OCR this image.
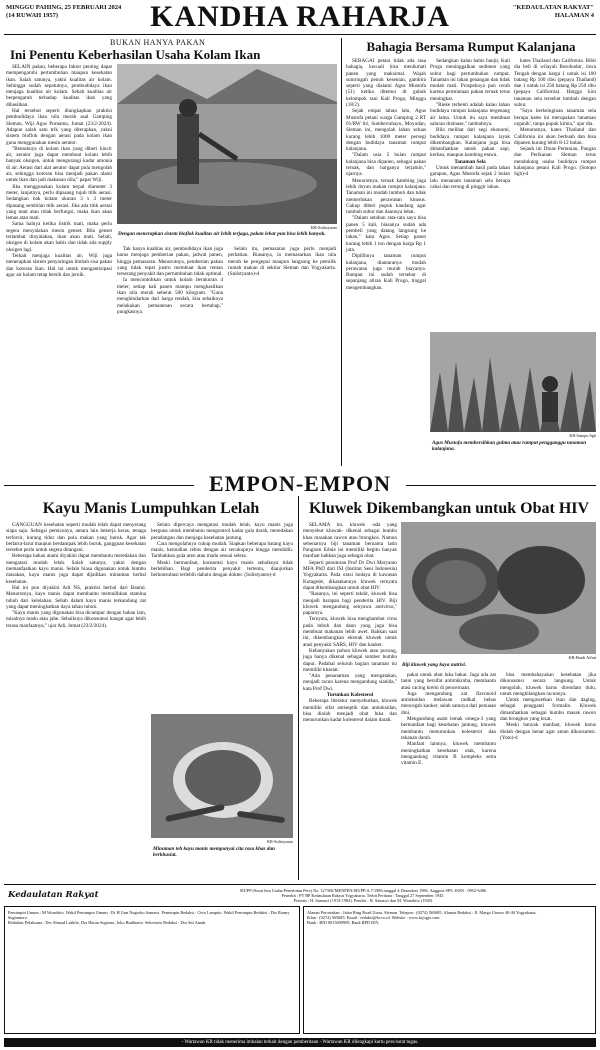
MINGGU PAHING, 25 FEBRUARI 2024
(14 RUWAH 1957)	KANDHA RAHARJA	"KEDAULATAN RAKYAT"
HALAMAN 4
BUKAN HANYA PAKAN
Ini Penentu Keberhasilan Usaha Kolam Ikan

SELAIN pakan, beberapa faktor penting dapat mempengaruhi pertumbuhan maupun kesehatan ikan. Salah satunya, yakni kualitas air kolam. Sehingga sudah sepatutnya, pembudidaya ikan menjaga kualitas air kolam. Sebab kualitas air berpengaruh terhadap kualitas ikan yang dihasilkan.

Hal tersebut seperti diungkapkan praktisi pembudidaya ikan nila merah asal Gamping Sleman, Wiji Agus Purnama, Jumat (23/2-2024). Adapun salah satu trik yang diterapkan, yakni sistem bioflok dengan aerasi pada kolam ikan guna menggunakan mesin aerator.

"Bentuknya di kolam ikan yang diberi kincir air, aerator juga dapat membuat kolam lebih banyak oksigen, untuk mengurangi kadar amonia di air. Aerasi dari alat aerator dapat pula mengolah air, sehingga kotoran bisa menjadi pakan alami untuk ikan dan jadi makanan nila," papar Wiji.

Jika menggunakan kolam terpal diameter 3 meter, lanjutnya, perlu dipasang tujuh titik aerasi. Sedangkan bak kolam ukuran 3 x 3 meter dipasang sembilan titik aerasi. Jika ada titik aerasi yang mati atau tidak berfungsi, maka ikan akan lemas atau mati.

Sama halnya ketika listrik mati, maka perlu segera menyalakan mesin genset. Bila genset terlambat dinyalakan, ikan akan mati. Sebab, oksigen di kolam akan habis dan tidak ada supply oksigen lagi.

Terkait menjaga kualitas air, Wiji juga menerapkan sistem penyaringan limbah sisa pakan dan kotoran ikan. Hal ini untuk mengantisipasi agar air kolam tetap bersih dan jernih.

KR-Sulistyanto
Dengan menerapkan sistem bioflok kualitas air lebih terjaga, pakan lebar pun bisa lebih banyak.

Tak hanya kualitas air, pembudidaya ikan juga harus menjaga pemberian pakan, jadwal panen, hingga pemasaran. Menurutnya, pemberian pakan yang tidak tepat justru membuat ikan rentan terserang penyakit dan pertumbuhan tidak optimal.

Ia mencontohkan untuk kolam berukuran 4 meter, setiap kali panen mampu menghasilkan ikan nila merah seberat 500 kilogram. "Guna menghindarkan dari harga rendah, kita sebaiknya melakukan pemanenan secara bertahap," pungkasnya.

Selain itu, pemasaran juga perlu menjadi perhatian. Biasanya, ia memasarkan ikan nila merah ke pengepul maupun langsung ke pemilik rumah makan di sekitar Sleman dan Yogyakarta. (Sulistyanto)-d

Bahagia Bersama Rumput Kalanjana

SEBAGAI petani tidak ada rasa bahagia, kecuali bisa menikmati panen yang maksimal. Wajah sumringah penuh kesenian, gambira seperti yang dialami Agus Mustofa (51) ketika ditemui di gubuk kelompok tani Kali Progo, Minggu (18/2).

Sejak empat tahun lalu, Agus Mustofa petani warga Gamping 2 RT 01/RW 04, Sumberrahayu, Moyudan, Sleman ini, mengolah lahan seluas kurang lebih 1000 meter persegi dengan budidaya tanaman rumput kalanjana.

"Dalam usia 2 bulan rumput kalanjana bisa dipanen, sebagai pakan ternak, dan harganya terjamin," ujarnya.

Menurutnya, ternak kambing juga lebih doyan makan rumput kalanjana. Tanaman ini mudah tumbuh dan tidak memerlukan perawatan khusus. Cukup diberi pupuk kandang agar tumbuh subur dan daunnya lebat.

"Dalam setahun rata-rata saya bisa panen 5 kali, biasanya sudah ada pembeli yang datang langsung ke lahan," kata Agus. Setiap panen kurang lebih 1 ton dengan harga Rp 1 juta.

Dipilihnya tanaman rumput kalanjana, diantaranya mudah perawatan juga murah biayanya. Rumput ini sudah tersebar di sepanjang aliran Kali Progo, tinggal mengembangkan.

Sedangkan kalau habis banjir, Kali Progo meninggalkan sedimen yang subur bagi pertumbuhan rumput. Tanaman ini tahan genangan dan tidak mudah mati. Prospeknya pun cerah karena permintaan pakan ternak terus meningkat.

"Rieke terhenti adalah kalau lahan budidaya rumput kalanjana tergenang air lama. Untuk itu saya membuat saluran drainase," tambahnya.

Bila melihat dari segi ekonomi, budidaya rumput kalanjana layak dikembangkan. Kalanjana juga bisa dimanfaatkan untuk pakan sapi, kerbau, maupun kambing etawa.

Tanaman Sela

Untuk menambah hasil pada lahan garapan, Agus Mustofa sejak 2 bulan lalu menanam tanaman sela berupa cabai dan terong di pinggir lahan.

kates Thailand dan California. Bibit dia beli di wilayah Borobudur, Jawa Tengah dengan harga 1 untuk isi 100 batang Rp 100 ribu (pepaya Thailand) dan 1 untuk isi 250 batang Rp 250 ribu (pepaya California). Hingga kini tanaman sela tersebut tumbuh dengan subur.

"Saya berkeinginan tanaman sela berupa kates ini merupakan 'tanaman organik', tanpa pupuk kimia," ujar dia.

Menurutnya, kates Thailand dan California ini akan berbuah dan bisa dipanen kurang lebih 8-12 bulan.

Sejauh ini Dinas Pertanian, Pangan dan Perikanan Sleman terus mendukung usaha budidaya rumput kalanjana petani Kali Progo. (Sutopo Sgh)-d

KR-Sutopo Sgh
Agus Mustofa membersihkan gulma atau rumput pengganggu tanaman kalanjana.
EMPON-EMPON
Kayu Manis Lumpuhkan Lelah

GANGGUAN kesehatan seperti mudah lelah dapat menyerang siapa saja. Sebagai pemicunya, antara lain bekerja keras, tenaga terforsir, kurang tidur dan pola makan yang buruk. Agar tak berlarut-larut maupun berdampak lebih buruk, gangguan kesehatan tersebut perlu untuk segera ditangani.

Beberapa bahan alami diyakini dapat membantu meredakan dan mengatasi mudah lelah. Salah satunya, yakni dengan memanfaatkan kayu manis. Selain biasa digunakan untuk bumbu masakan, kayu manis juga dapat dijadikan minuman herbal kesehatan.

Hal ini pun diyakini Adi NS, praktisi herbal dari Bantul. Menurutnya, kayu manis dapat membantu memulihkan stamina tubuh dari kelelahan. Sebab dalam kayu manis terkandung zat yang dapat meningkatkan daya tahan tubuh.

"Kayu manis yang digunakan bisa dicampur dengan bahan lain, misalnya madu atau jahe. Sebaiknya dikonsumsi hangat agar lebih terasa manfaatnya," ujar Adi, Jumat (23/2/2024).

Selain dipercaya mengatasi mudah lelah, kayu manis juga berguna untuk membantu mengontrol kadar gula darah, meredakan peradangan dan menjaga kesehatan jantung.

Cara mengolahnya cukup mudah. Siapkan beberapa batang kayu manis, kemudian rebus dengan air secukupnya hingga mendidih. Tambahkan gula aren atau madu sesuai selera.

Meski bermanfaat, konsumsi kayu manis sebaiknya tidak berlebihan. Bagi penderita penyakit tertentu, dianjurkan berkonsultasi terlebih dahulu dengan dokter. (Sulistyanto)-d

KR-Sulistyanto
Minuman teh kayu manis mempunyai cita rasa khas dan berkhasiat.
Kluwek Dikembangkan untuk Obat HIV

SELAMA ini, kluwek -ada yang menyebut kluwak- dikenal sebagai bumbu khas masakan rawon atau brongkos. Namun sebenarnya biji tanaman bernama latin Pangium Edule ini memiliki begitu banyak manfaat bahkan juga sebagai obat.

Seperti penuturan Prof Dr Dwi Maryanto MFA PhD dari ISI (Institut Seni Indonesia) Yogyakarta. Pada orasi budaya di kawasan Kotagede, dikatakannya kluwek ternyata dapat dikembangkan untuk obat HIV.

"Rasanya, ini seperti takdir, kluwek bisa menjadi harapan bagi penderita HIV. Biji kluwek mengandung senyawa antivirus," paparnya.

Ternyata, kluwek bisa menghambat virus pada tubuh dan daun yang juga bisa membuat makanan lebih awet. Bahkan saat ini, dikembangkan ekstrak kluwek untuk atasi penyakit SARS, HIV dan kanker.

Kebanyakan pohon kluwek atau pucung, juga hanya dikenal sebagai sumber bumbu dapur. Padahal seluruh bagian tanaman ini memiliki khasiat.

"Ada penanaman yang mengatakan, menjadi racun karena mengandung sianida," kata Prof Dwi.

Turunkan Kolesterol

Beberapa literatur menyebutkan, kluwek memiliki sifat antiseptik dan antioksidan, bisa diolah menjadi obat luka dan menurunkan kadar kolesterol dalam darah.

KR-Hardi Affati
Biji kluwek yang kaya nutrisi.

pakai untuk obat luka bakar. Juga ada zat tanin yang bersifat antimikroba, membantu atasi cacing kremi di pencernaan.

Juga mengandung zat flavonoid antioksidan melawan radikal bebas mencegah kanker, salah satunya dari penuaan dini.

Mengandung asam lemak omega-3 yang bermanfaat bagi kesehatan jantung, kluwek membantu menurunkan kolesterol dan tekanan darah.

Manfaat lainnya, kluwek membantu meningkatkan kesehatan otak, karena mengandung vitamin B kompleks serta vitamin E.

bisa membahayakan kesehatan jika dikonsumsi secara langsung. Untuk mengolah, kluwek harus direndam dulu, untuk menghilangkan racunnya.

Untuk mengawetkan ikan dan daging, sebagai pengganti formalin. Kluwek dimanfaatkan sebagai bumbu masak rawon dan brongkos yang lezat.

Meski banyak manfaat, kluwek harus diolah dengan benar agar aman dikonsumsi. (Yoto)-d

Kedaulatan Rakyat	SIUPP (Surat Izin Usaha Penerbitan Pers) No. 127/SK/MENPEN/SIUPP/A.7/1986 tanggal 4 Desember 1986. Anggota SPS. ISSN : 0852-6486
Penerbit : PT BP Kedaulatan Rakyat Yogyakarta. Terbit Perdana : Tanggal 27 September 1945.
Perintis : H. Samawi (1913-1984). Pendiri : H. Samawi dan M. Wonohito (1945)
Pemimpin Umum : M Wonohito. Wakil Pemimpin Umum : Dr H Gun Nugroho Samawi. Pemimpin Redaksi : Octo Lampito. Wakil Pemimpin Redaksi : Drs Ronny Sugiantoro.
Redaktur Pelaksana : Drs Ahmad Luthfie, Drs Harun Sugiono, Joko Budhiarto. Sekretaris Redaksi : Dra Siti Ainah.
Alamat Percetakan : Jalan Ring Road Utara, Sleman. Telepon : (0274) 565685. Alamat Redaksi : Jl. Margo Utomo 40-46 Yogyakarta.
Iklan : (0274) 565685. Email : redaksi@kr.co.id. Website : www.krjogja.com
Bank : BNI 0015000909, Bank BPD DIY.
- Wartawan KR tidak menerima imbalan terkait dengan pemberitaan - Wartawan KR dilengkapi kartu pers/surat tugas.
